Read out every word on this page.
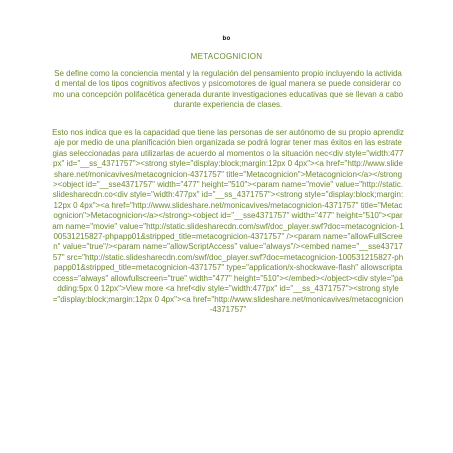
bo
METACOGNICION

Se define como la conciencia mental y la regulación del pensamiento propio incluyendo la actividad mental de los tipos cognitivos afectivos y psicomotores de igual manera se puede considerar como una concepción polifacética generada durante investigaciones educativas que se llevan a cabo durante experiencia de clases.

Esto nos indica que es la capacidad que tiene las personas de ser autónomo de su propio aprendizaje por medio de una planificación bien organizada se podrá lograr tener mas éxitos en las estrategias seleccionadas para utilizarlas de acuerdo al momentos o la situación nec<div style="width:477px" id="__ss_4371757"><strong style="display:block;margin:12px 0 4px"><a href="http://www.slideshare.net/monicavives/metacognicion-4371757" title="Metacognicion">Metacognicion</a></strong><object id="__sse4371757" width="477" height="510"><param name="movie" value="http://static.slidesharecdn.co<div style="width:477px" id="__ss_4371757"><strong style="display:block;margin:12px 0 4px"><a href="http://www.slideshare.net/monicavives/metacognicion-4371757" title="Metacognicion">Metacognicion</a></strong><object id="__sse4371757" width="477" height="510"><param name="movie" value="http://static.slidesharecdn.com/swf/doc_player.swf?doc=metacognicion-100531215827-phpapp01&stripped_title=metacognicion-4371757" /><param name="allowFullScreen" value="true"/><param name="allowScriptAccess" value="always"/><embed name="__sse4371757" src="http://static.slidesharecdn.com/swf/doc_player.swf?doc=metacognicion-100531215827-phpapp01&stripped_title=metacognicion-4371757" type="application/x-shockwave-flash" allowscriptaccess="always" allowfullscreen="true" width="477" height="510"></embed></object><div style="padding:5px 0 12px">View more <a href<div style="width:477px" id="__ss_4371757"><strong style="display:block;margin:12px 0 4px"><a href="http://www.slideshare.net/monicavives/metacognicion-4371757"
